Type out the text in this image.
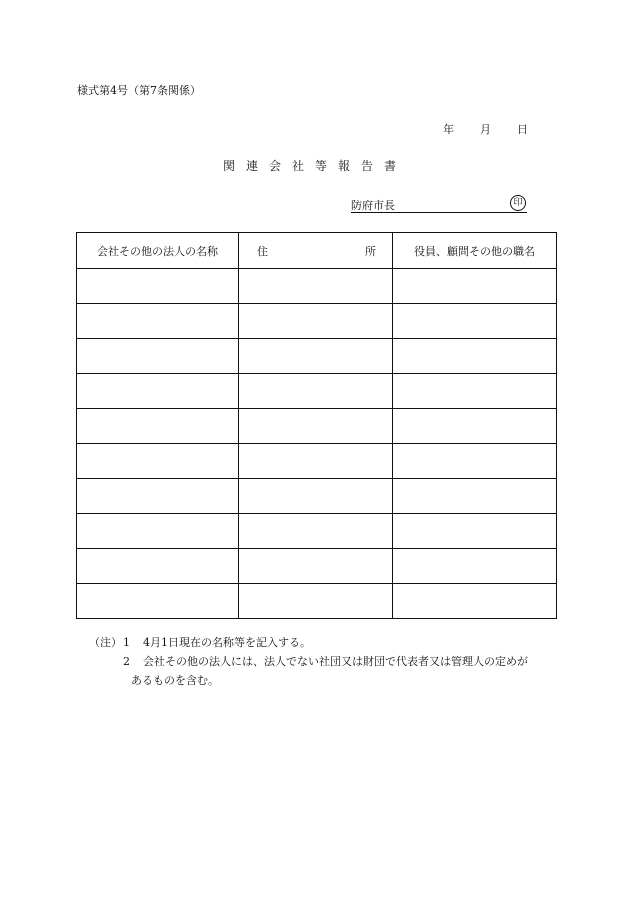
様式第4号（第7条関係）
年 月 日
関連会社等報告書
防府市長	印
会社その他の法人の名称	住 所	役員、顧問その他の職名

（注） 1 4月1日現在の名称等を記入する。
2 会社その他の法人には、法人でない社団又は財団で代表者又は管理人の定めが
あるものを含む。
